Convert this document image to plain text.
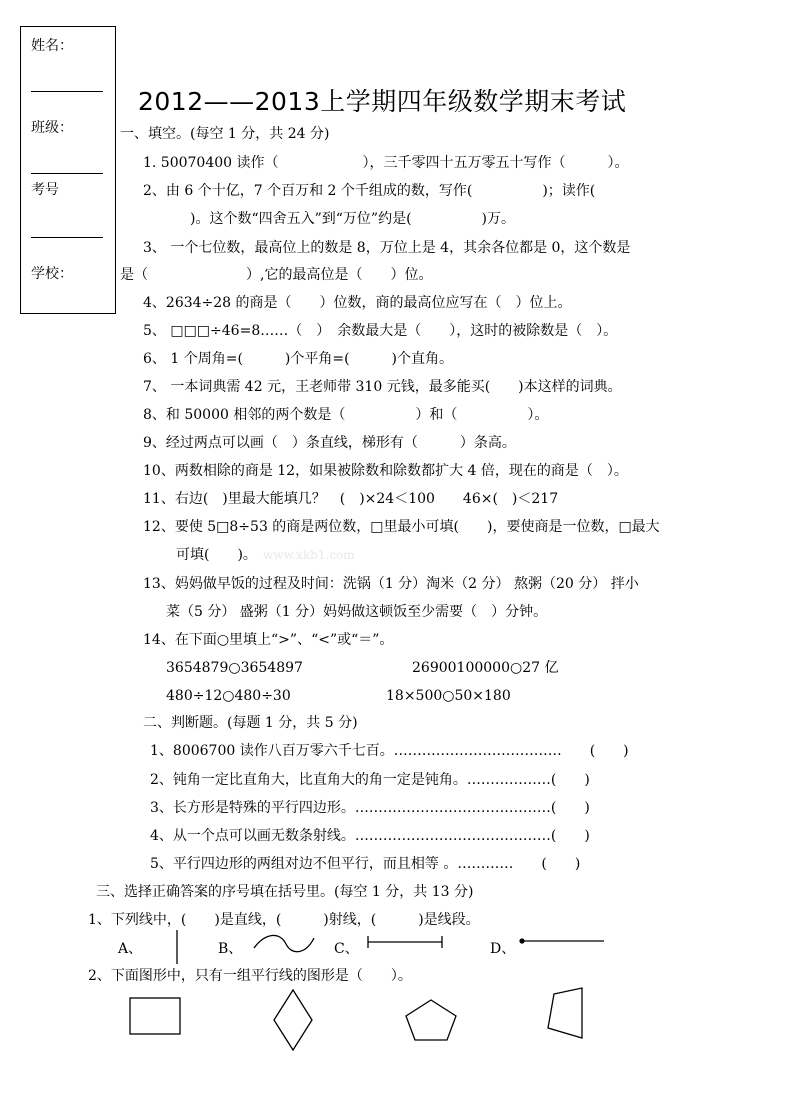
姓名：
班级：
考号
学校：
2012——2013上学期四年级数学期末考试
一、填空。(每空 1 分，共 24 分)
1. 50070400 读作（　　　　　　），三千零四十五万零五十写作（　　　）。
2、由 6 个十亿，7 个百万和 2 个千组成的数，写作(　　　　　)；读作(
)。这个数“四舍五入”到“万位”约是(　　　　　)万。
3、 一个七位数，最高位上的数是 8，万位上是 4，其余各位都是 0，这个数是
是（　　　　　　　）,它的最高位是（　　）位。
4、2634÷28 的商是（　　）位数，商的最高位应写在（　）位上。
5、 □□□÷46=8……（　）　余数最大是（　　），这时的被除数是（　）。
6、 1 个周角=(　　　)个平角=(　　　)个直角。
7、 一本词典需 42 元，王老师带 310 元钱，最多能买(　　)本这样的词典。
8、和 50000 相邻的两个数是（　　　　　）和（　　　　　）。
9、经过两点可以画（　）条直线，梯形有（　　　）条高。
10、两数相除的商是 12，如果被除数和除数都扩大 4 倍，现在的商是（　）。
11、右边(　)里最大能填几？　(　)×24＜100　　46×(　)＜217
12、要使 5□8÷53 的商是两位数，□里最小可填(　　)，要使商是一位数，□最大
可填(　　)。 www.xkb1.com
13、妈妈做早饭的过程及时间：洗锅（1 分）淘米（2 分） 熬粥（20 分） 拌小
菜（5 分） 盛粥（1 分）妈妈做这顿饭至少需要（　）分钟。
14、在下面○里填上“>”、“<”或“＝”。
3654879○3654897	26900100000○27 亿
480÷12○480÷30	18×500○50×180
二、判断题。(每题 1 分，共 5 分)
1、8006700 读作八百万零六千七百。………………………………　　(　　)
2、钝角一定比直角大，比直角大的角一定是钝角。………………(　　)
3、长方形是特殊的平行四边形。……………………………………(　　)
4、从一个点可以画无数条射线。……………………………………(　　)
5、平行四边形的两组对边不但平行，而且相等 。…………　　(　　)
三、选择正确答案的序号填在括号里。(每空 1 分，共 13 分)
1、下列线中，(　　)是直线，(　　　)射线，(　　　)是线段。
A、	B、	C、	D、
2、下面图形中，只有一组平行线的图形是（　　）。
